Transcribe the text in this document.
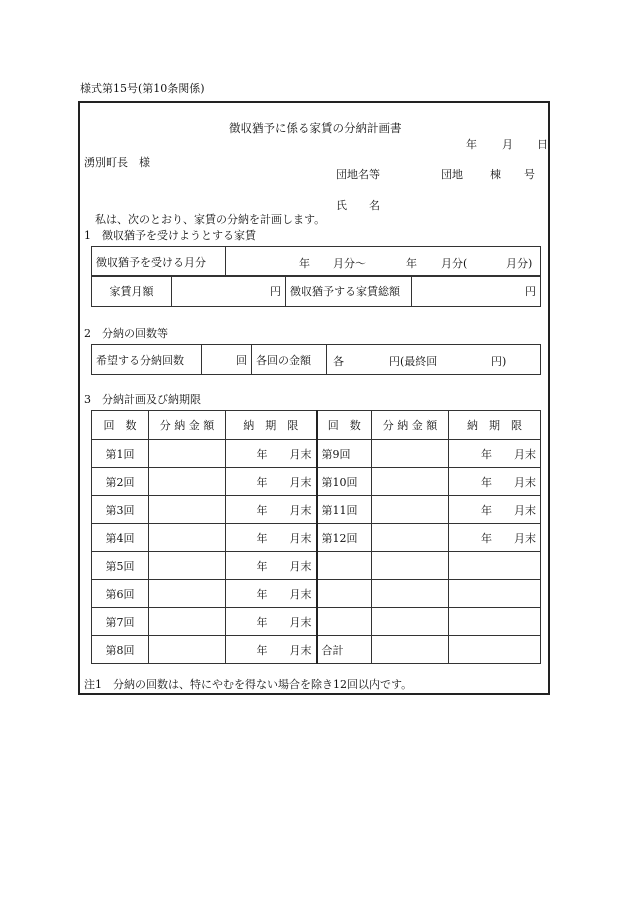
様式第15号(第10条関係)
徴収猶予に係る家賃の分納計画書
年 月 日
湧別町長　様
団地名等	団地 棟 号
氏　　名
私は、次のとおり、家賃の分納を計画します。
1　徴収猶予を受けようとする家賃
徴収猶予を受ける月分	年 月分～	年 月分(	月分)
家賃月額	円	徴収猶予する家賃総額	円
2　分納の回数等
希望する分納回数	回	各回の金額	各	円(最終回	円)
3　分納計画及び納期限
回　数	分 納 金 額	納　期　限	回　数	分 納 金 額	納　期　限
第1回		年　　 月末	第9回		年　　 月末
第2回		年　　 月末	第10回		年　　 月末
第3回		年　　 月末	第11回		年　　 月末
第4回		年　　 月末	第12回		年　　 月末
第5回		年　　 月末			
第6回		年　　 月末			
第7回		年　　 月末			
第8回		年　　 月末	合計		
注1　分納の回数は、特にやむを得ない場合を除き12回以内です。
